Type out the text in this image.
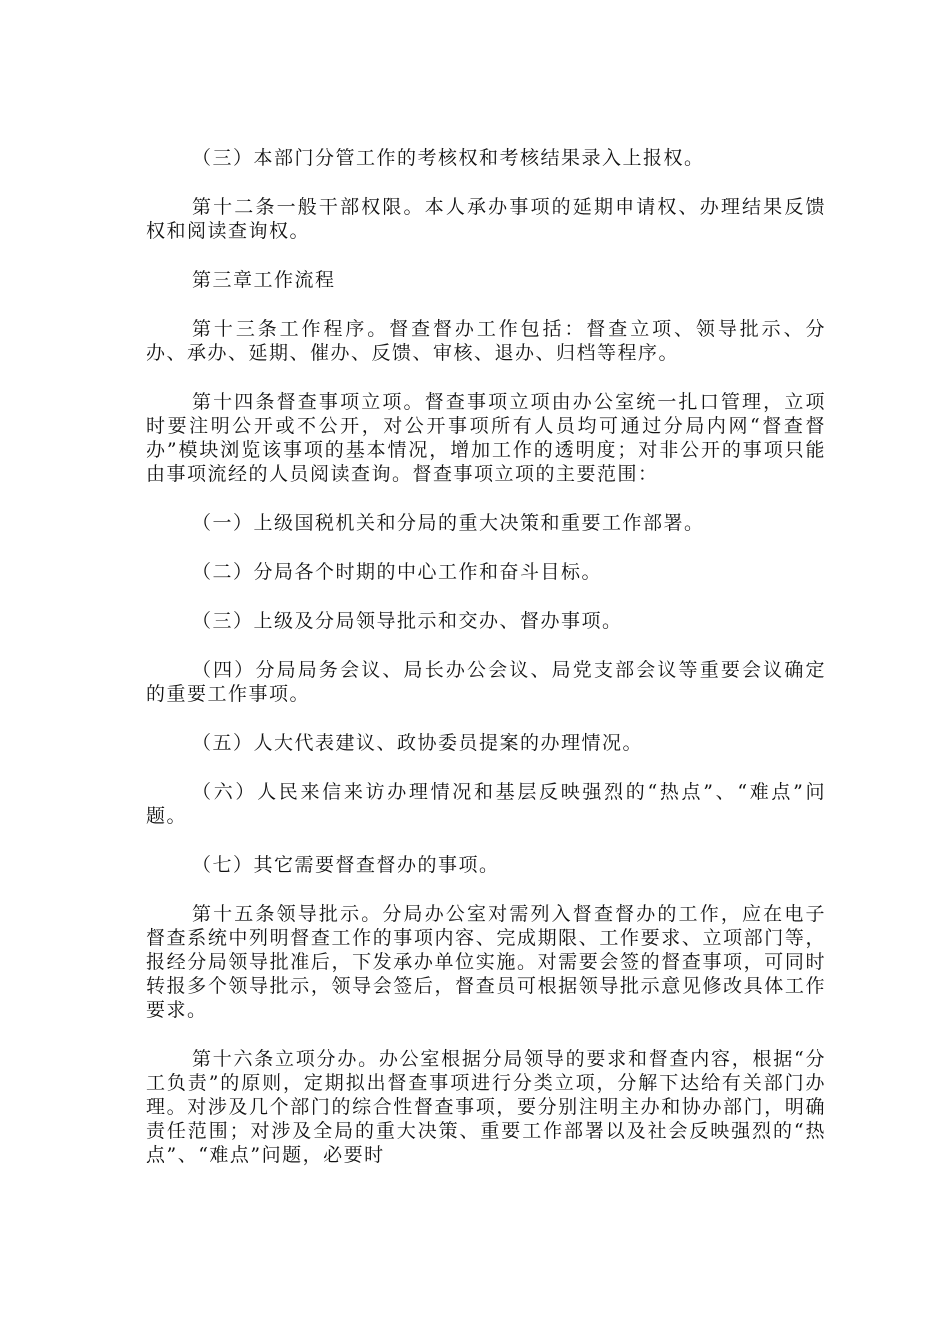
（三）本部门分管工作的考核权和考核结果录入上报权。

第十二条一般干部权限。本人承办事项的延期申请权、办理结果反馈权和阅读查询权。

第三章工作流程

第十三条工作程序。督查督办工作包括：督查立项、领导批示、分办、承办、延期、催办、反馈、审核、退办、归档等程序。

第十四条督查事项立项。督查事项立项由办公室统一扎口管理，立项时要注明公开或不公开，对公开事项所有人员均可通过分局内网“督查督办”模块浏览该事项的基本情况，增加工作的透明度；对非公开的事项只能由事项流经的人员阅读查询。督查事项立项的主要范围：

（一）上级国税机关和分局的重大决策和重要工作部署。

（二）分局各个时期的中心工作和奋斗目标。

（三）上级及分局领导批示和交办、督办事项。

（四）分局局务会议、局长办公会议、局党支部会议等重要会议确定的重要工作事项。

（五）人大代表建议、政协委员提案的办理情况。

（六）人民来信来访办理情况和基层反映强烈的“热点”、“难点”问题。

（七）其它需要督查督办的事项。

第十五条领导批示。分局办公室对需列入督查督办的工作，应在电子督查系统中列明督查工作的事项内容、完成期限、工作要求、立项部门等，报经分局领导批准后，下发承办单位实施。对需要会签的督查事项，可同时转报多个领导批示，领导会签后，督查员可根据领导批示意见修改具体工作要求。

第十六条立项分办。办公室根据分局领导的要求和督查内容，根据“分工负责”的原则，定期拟出督查事项进行分类立项，分解下达给有关部门办理。对涉及几个部门的综合性督查事项，要分别注明主办和协办部门，明确责任范围；对涉及全局的重大决策、重要工作部署以及社会反映强烈的“热点”、“难点”问题，必要时
